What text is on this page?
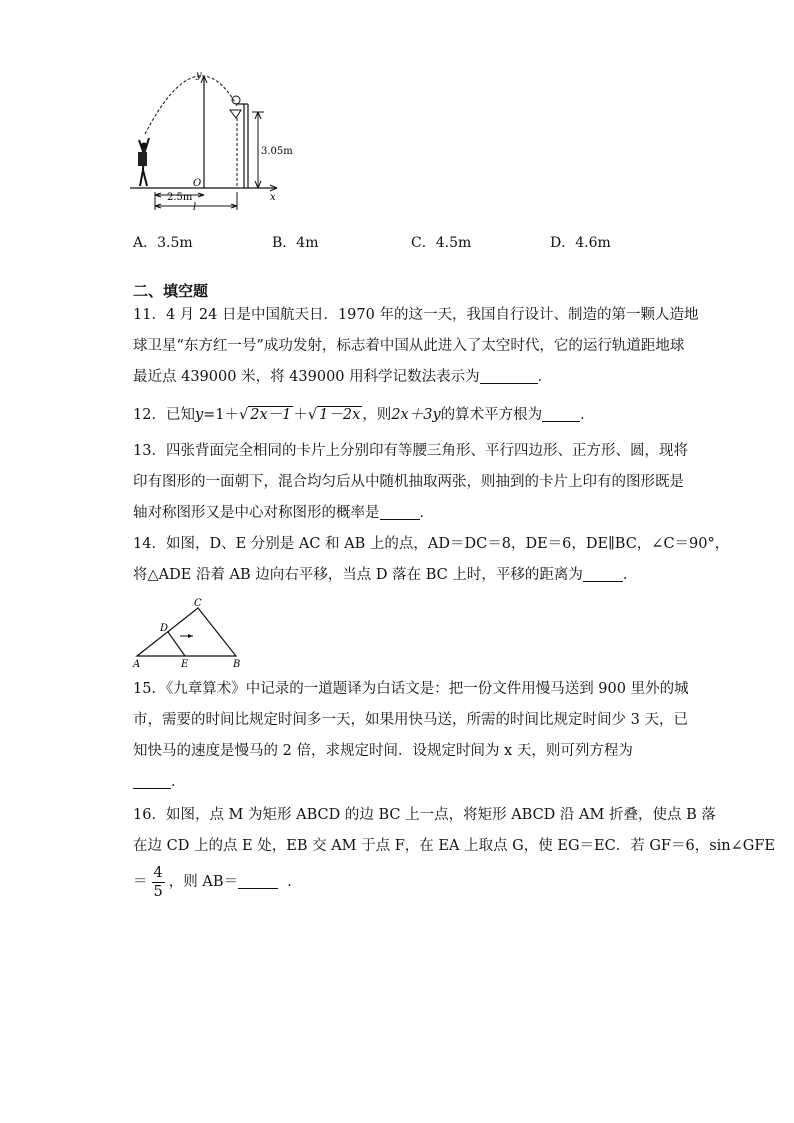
x
y
O
3.05m
2.5m
l
A．3.5m	B．4m	C．4.5m	D．4.6m
二、填空题
11．4 月 24 日是中国航天日．1970 年的这一天，我国自行设计、制造的第一颗人造地
球卫星“东方红一号”成功发射，标志着中国从此进入了太空时代，它的运行轨道距地球
最近点 439000 米，将 439000 用科学记数法表示为	．
12．已知y=1＋√ 2x－1 ＋√ 1－2x ，则2x＋3y的算术平方根为	．
13．四张背面完全相同的卡片上分别印有等腰三角形、平行四边形、正方形、圆，现将
印有图形的一面朝下，混合均匀后从中随机抽取两张，则抽到的卡片上印有的图形既是
轴对称图形又是中心对称图形的概率是	．
14．如图，D、E 分别是 AC 和 AB 上的点，AD＝DC＝8，DE＝6，DE∥BC，∠C＝90°，
将△ADE 沿着 AB 边向右平移，当点 D 落在 BC 上时，平移的距离为	．
C
D
A	E	B
15．《九章算术》中记录的一道题译为白话文是：把一份文件用慢马送到 900 里外的城
市，需要的时间比规定时间多一天，如果用快马送，所需的时间比规定时间少 3 天，已
知快马的速度是慢马的 2 倍，求规定时间．设规定时间为 x 天，则可列方程为
．
16．如图，点 M 为矩形 ABCD 的边 BC 上一点，将矩形 ABCD 沿 AM 折叠，使点 B 落
在边 CD 上的点 E 处，EB 交 AM 于点 F，在 EA 上取点 G，使 EG＝EC．若 GF＝6，sin∠GFE
＝ $\frac{4}{5}$ ，则 AB＝	．
